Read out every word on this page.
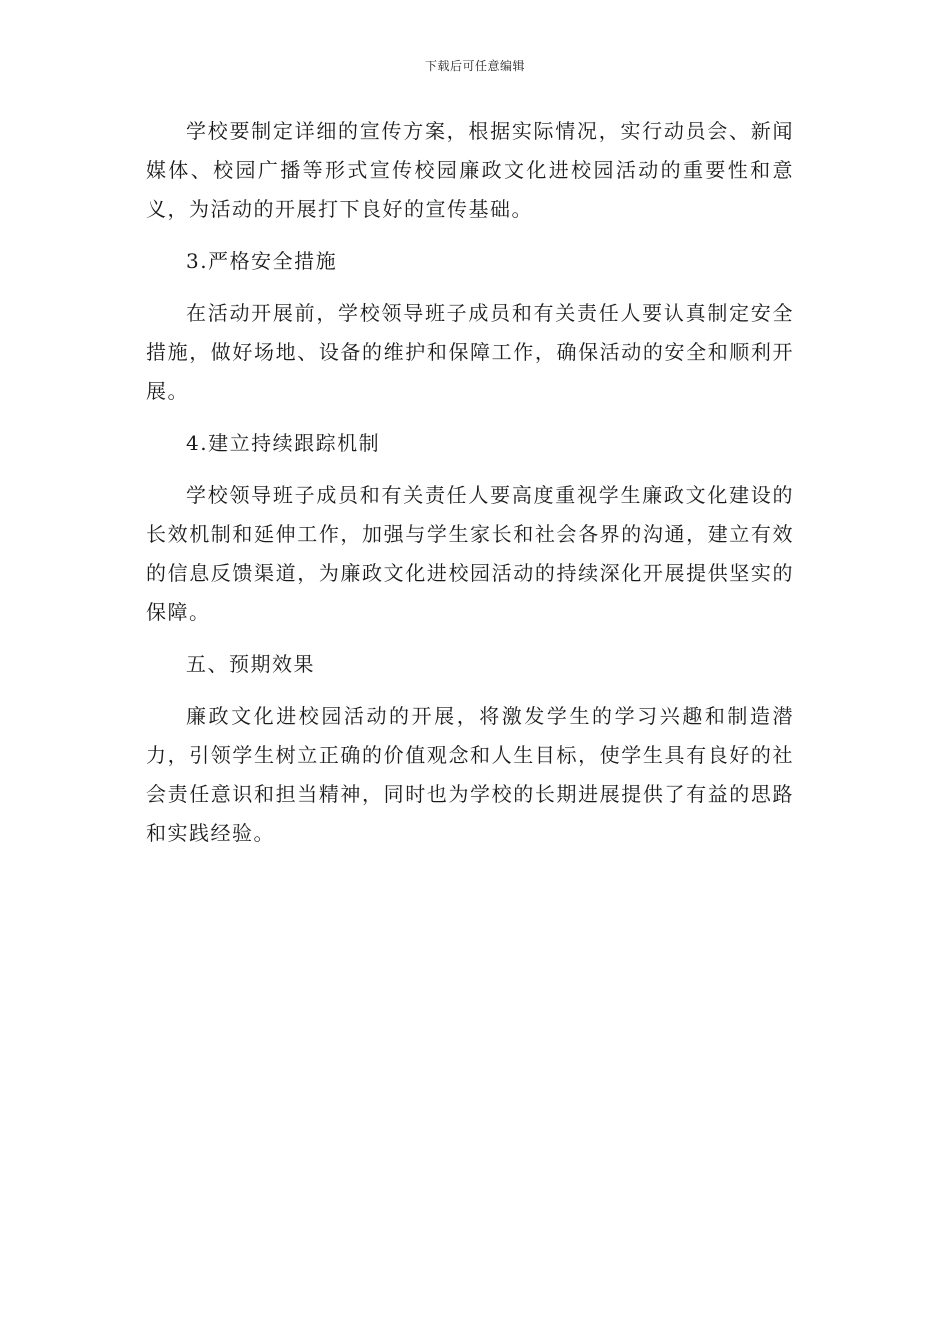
下载后可任意编辑

学校要制定详细的宣传方案，根据实际情况，实行动员会、新闻媒体、校园广播等形式宣传校园廉政文化进校园活动的重要性和意义，为活动的开展打下良好的宣传基础。

3.严格安全措施

在活动开展前，学校领导班子成员和有关责任人要认真制定安全措施，做好场地、设备的维护和保障工作，确保活动的安全和顺利开展。

4.建立持续跟踪机制

学校领导班子成员和有关责任人要高度重视学生廉政文化建设的长效机制和延伸工作，加强与学生家长和社会各界的沟通，建立有效的信息反馈渠道，为廉政文化进校园活动的持续深化开展提供坚实的保障。

五、预期效果

廉政文化进校园活动的开展，将激发学生的学习兴趣和制造潜力，引领学生树立正确的价值观念和人生目标，使学生具有良好的社会责任意识和担当精神，同时也为学校的长期进展提供了有益的思路和实践经验。
